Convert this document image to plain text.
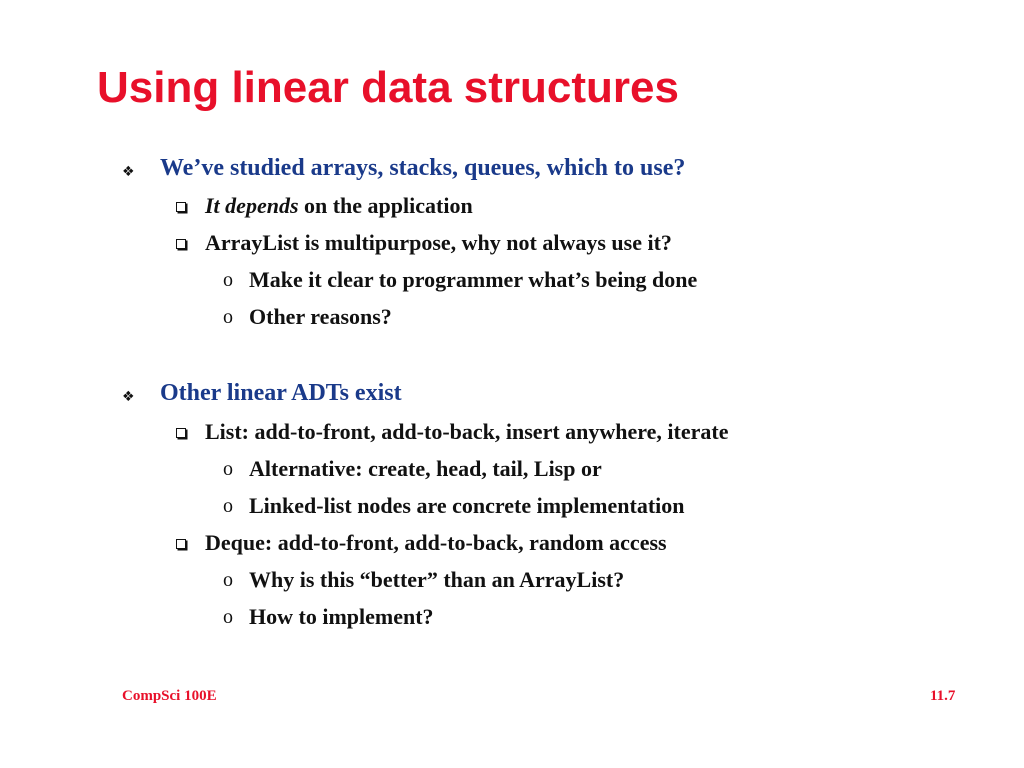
Using linear data structures
❖ We’ve studied arrays, stacks, queues, which to use?
It depends on the application
ArrayList is multipurpose, why not always use it?
o Make it clear to programmer what’s being done
o Other reasons?
❖ Other linear ADTs exist
List: add-to-front, add-to-back, insert anywhere, iterate
o Alternative: create, head, tail, Lisp or
o Linked-list nodes are concrete implementation
Deque: add-to-front, add-to-back, random access
o Why is this “better” than an ArrayList?
o How to implement?
CompSci 100E	11.7
